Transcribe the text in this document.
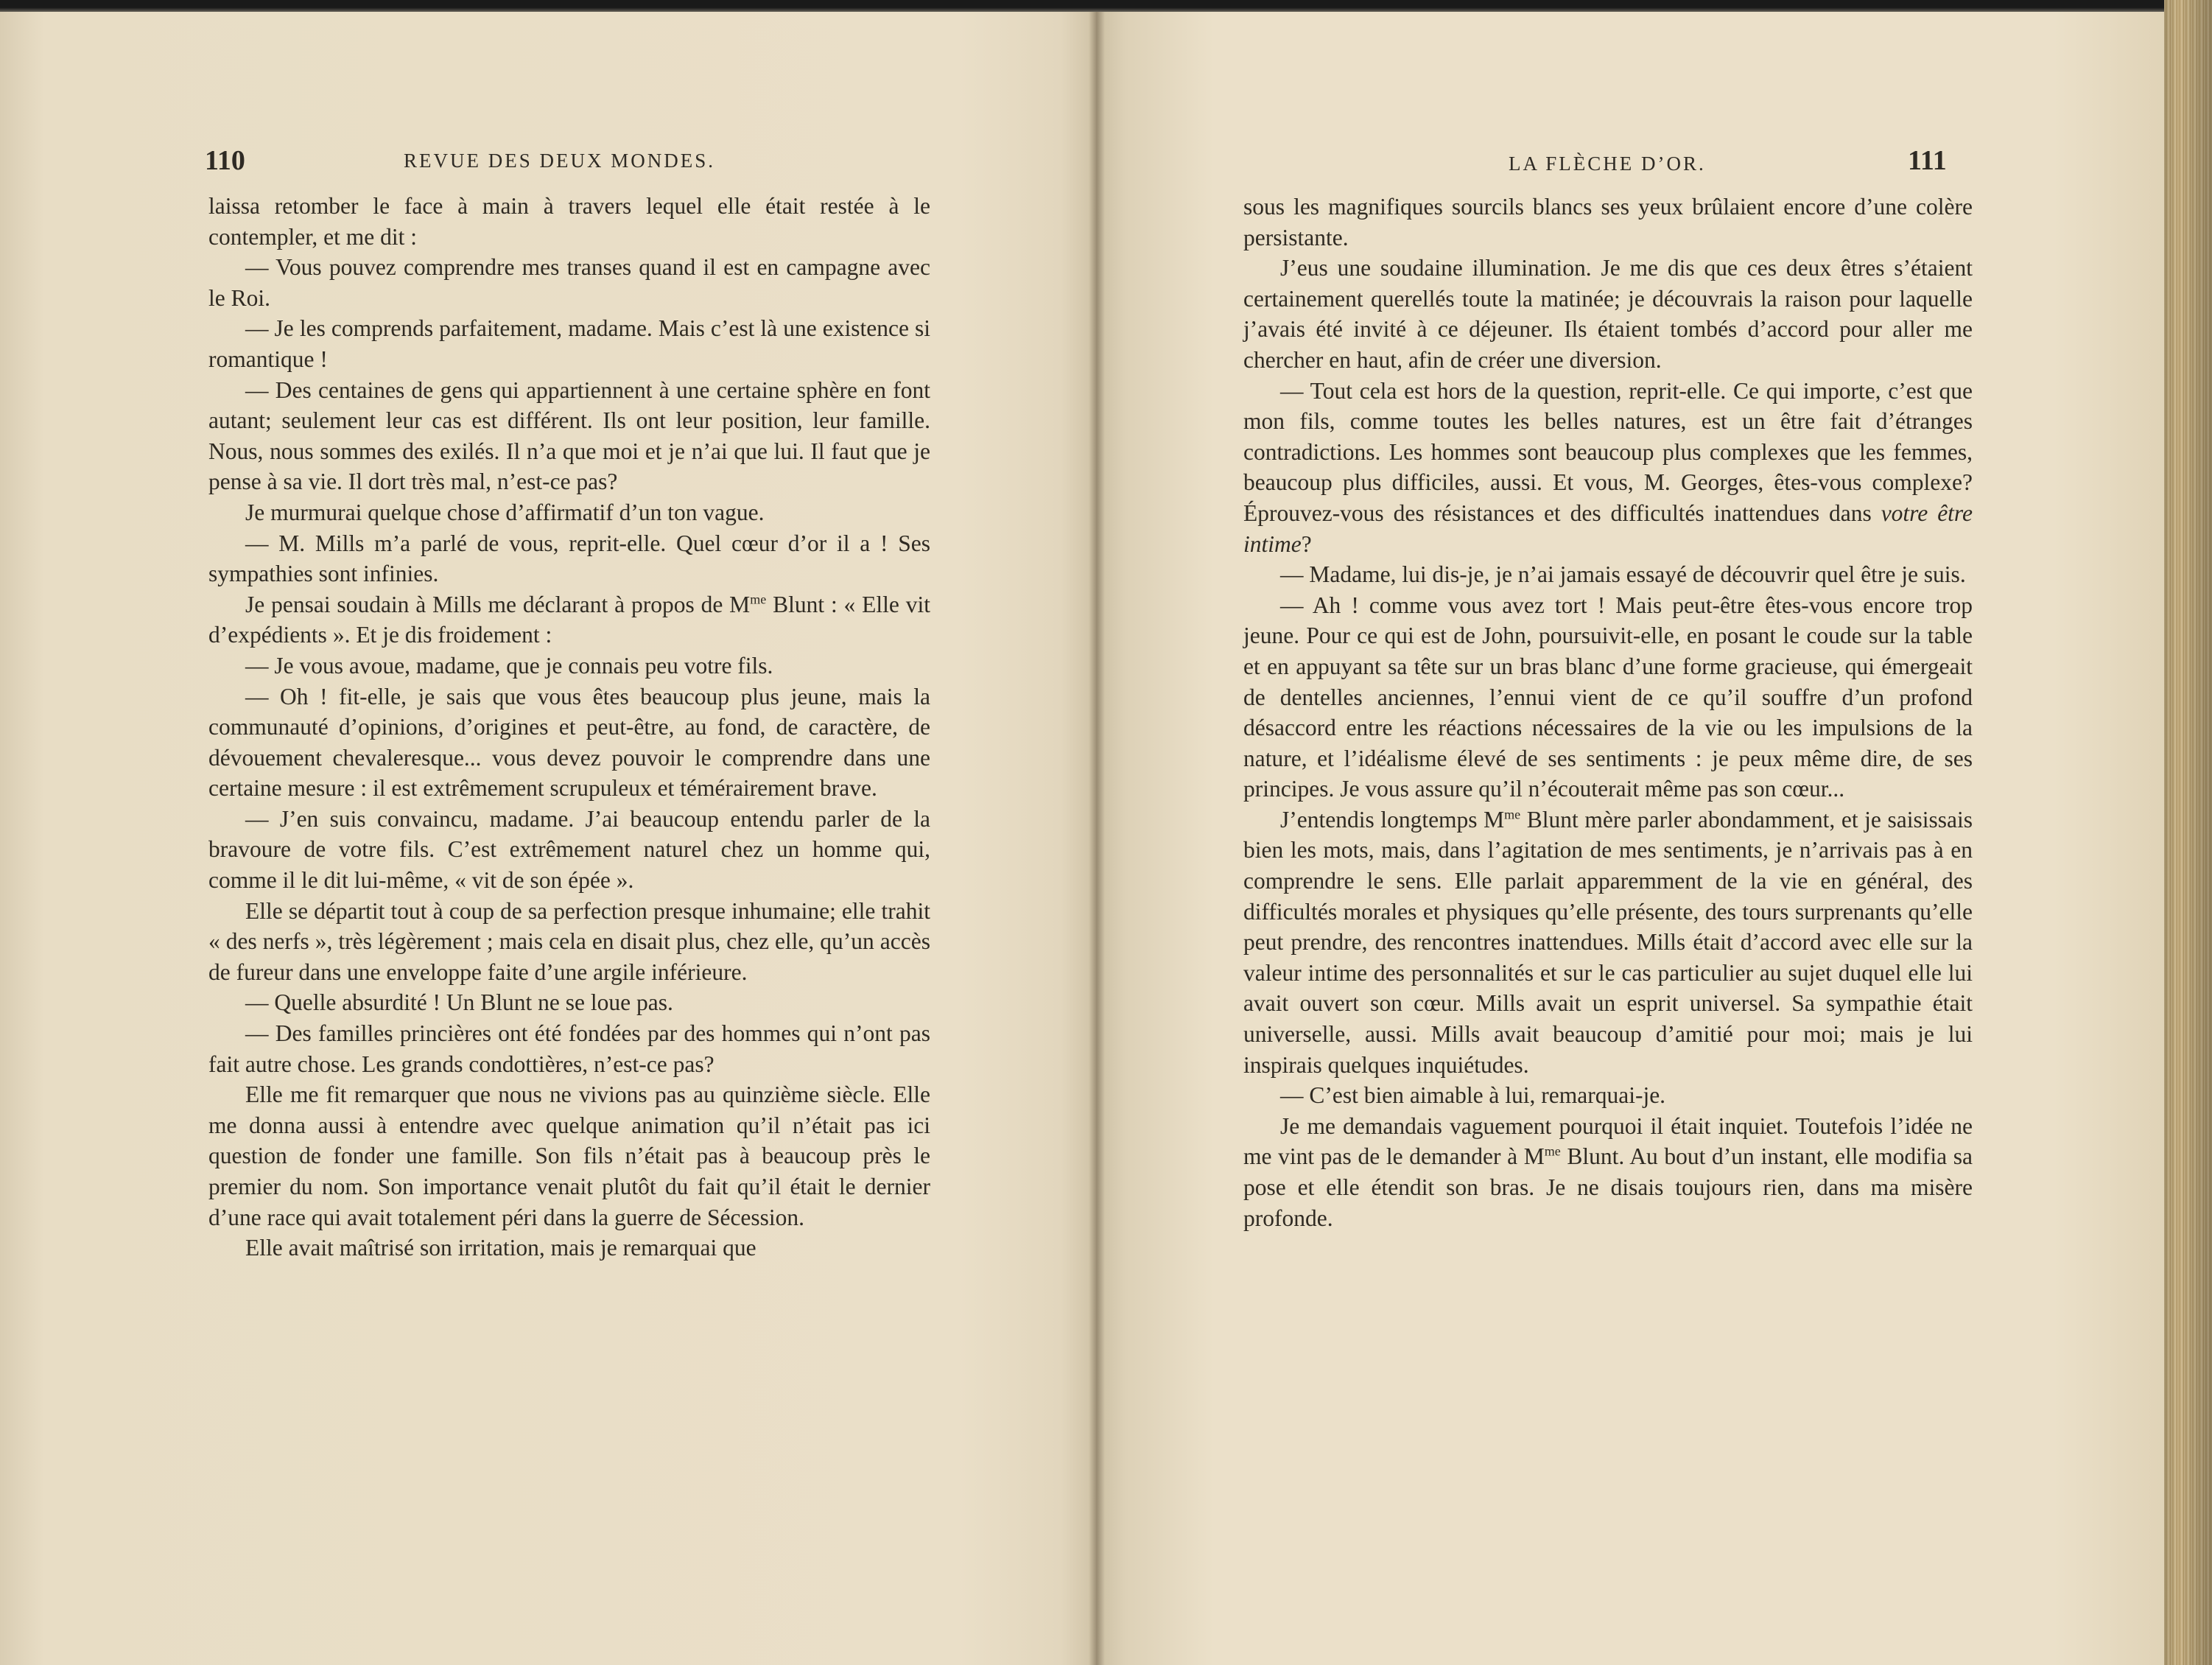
110	REVUE DES DEUX MONDES.	LA FLÈCHE D’OR.	111

laissa retomber le face à main à travers lequel elle était restée à le contempler, et me dit :

— Vous pouvez comprendre mes transes quand il est en campagne avec le Roi.

— Je les comprends parfaitement, madame. Mais c’est là une existence si romantique !

— Des centaines de gens qui appartiennent à une certaine sphère en font autant; seulement leur cas est différent. Ils ont leur position, leur famille. Nous, nous sommes des exilés. Il n’a que moi et je n’ai que lui. Il faut que je pense à sa vie. Il dort très mal, n’est-ce pas?

Je murmurai quelque chose d’affirmatif d’un ton vague.

— M. Mills m’a parlé de vous, reprit-elle. Quel cœur d’or il a ! Ses sympathies sont infinies.

Je pensai soudain à Mills me déclarant à propos de $M^{me}$ Blunt : « Elle vit d’expédients ». Et je dis froidement :

— Je vous avoue, madame, que je connais peu votre fils.

— Oh ! fit-elle, je sais que vous êtes beaucoup plus jeune, mais la communauté d’opinions, d’origines et peut-être, au fond, de caractère, de dévouement chevaleresque... vous devez pouvoir le comprendre dans une certaine mesure : il est extrêmement scrupuleux et témérairement brave.

— J’en suis convaincu, madame. J’ai beaucoup entendu parler de la bravoure de votre fils. C’est extrêmement naturel chez un homme qui, comme il le dit lui-même, « vit de son épée ».

Elle se départit tout à coup de sa perfection presque inhumaine; elle trahit « des nerfs », très légèrement ; mais cela en disait plus, chez elle, qu’un accès de fureur dans une enveloppe faite d’une argile inférieure.

— Quelle absurdité ! Un Blunt ne se loue pas.

— Des familles princières ont été fondées par des hommes qui n’ont pas fait autre chose. Les grands condottières, n’est-ce pas?

Elle me fit remarquer que nous ne vivions pas au quinzième siècle. Elle me donna aussi à entendre avec quelque animation qu’il n’était pas ici question de fonder une famille. Son fils n’était pas à beaucoup près le premier du nom. Son importance venait plutôt du fait qu’il était le dernier d’une race qui avait totalement péri dans la guerre de Sécession.

Elle avait maîtrisé son irritation, mais je remarquai que

sous les magnifiques sourcils blancs ses yeux brûlaient encore d’une colère persistante.

J’eus une soudaine illumination. Je me dis que ces deux êtres s’étaient certainement querellés toute la matinée; je découvrais la raison pour laquelle j’avais été invité à ce déjeuner. Ils étaient tombés d’accord pour aller me chercher en haut, afin de créer une diversion.

— Tout cela est hors de la question, reprit-elle. Ce qui importe, c’est que mon fils, comme toutes les belles natures, est un être fait d’étranges contradictions. Les hommes sont beaucoup plus complexes que les femmes, beaucoup plus difficiles, aussi. Et vous, M. Georges, êtes-vous complexe? Éprouvez-vous des résistances et des difficultés inattendues dans votre être intime?

— Madame, lui dis-je, je n’ai jamais essayé de découvrir quel être je suis.

— Ah ! comme vous avez tort ! Mais peut-être êtes-vous encore trop jeune. Pour ce qui est de John, poursuivit-elle, en posant le coude sur la table et en appuyant sa tête sur un bras blanc d’une forme gracieuse, qui émergeait de dentelles anciennes, l’ennui vient de ce qu’il souffre d’un profond désaccord entre les réactions nécessaires de la vie ou les impulsions de la nature, et l’idéalisme élevé de ses sentiments : je peux même dire, de ses principes. Je vous assure qu’il n’écouterait même pas son cœur...

J’entendis longtemps $M^{me}$ Blunt mère parler abondamment, et je saisissais bien les mots, mais, dans l’agitation de mes sentiments, je n’arrivais pas à en comprendre le sens. Elle parlait apparemment de la vie en général, des difficultés morales et physiques qu’elle présente, des tours surprenants qu’elle peut prendre, des rencontres inattendues. Mills était d’accord avec elle sur la valeur intime des personnalités et sur le cas particulier au sujet duquel elle lui avait ouvert son cœur. Mills avait un esprit universel. Sa sympathie était universelle, aussi. Mills avait beaucoup d’amitié pour moi; mais je lui inspirais quelques inquiétudes.

— C’est bien aimable à lui, remarquai-je.

Je me demandais vaguement pourquoi il était inquiet. Toutefois l’idée ne me vint pas de le demander à $M^{me}$ Blunt. Au bout d’un instant, elle modifia sa pose et elle étendit son bras. Je ne disais toujours rien, dans ma misère profonde.
